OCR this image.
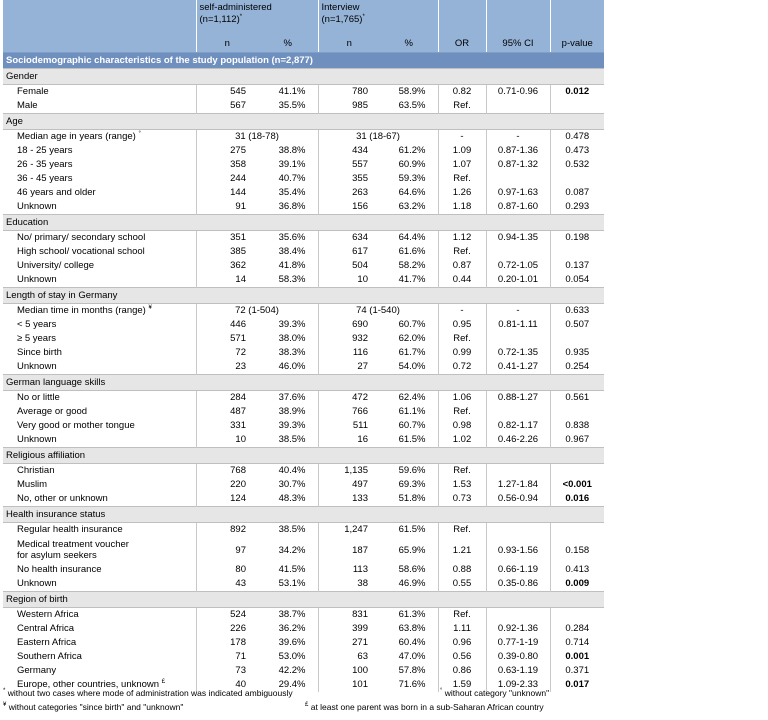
	self-administered
(n=1,112)*		Interview
(n=1,765)*			
	n	%	n	%	OR	95% CI	p-value
Sociodemographic characteristics of the study population (n=2,877)							
Gender							
Female	545	41.1%	780	58.9%	0.82	0.71-0.96	0.012
Male	567	35.5%	985	63.5%	Ref.		
Age							
Median age in years (range) °	31 (18-78)		31 (18-67)		-	-	0.478
18 - 25 years	275	38.8%	434	61.2%	1.09	0.87-1.36	0.473
26 - 35 years	358	39.1%	557	60.9%	1.07	0.87-1.32	0.532
36 - 45 years	244	40.7%	355	59.3%	Ref.		
46 years and older	144	35.4%	263	64.6%	1.26	0.97-1.63	0.087
Unknown	91	36.8%	156	63.2%	1.18	0.87-1.60	0.293
Education							
No/ primary/ secondary school	351	35.6%	634	64.4%	1.12	0.94-1.35	0.198
High school/ vocational school	385	38.4%	617	61.6%	Ref.		
University/ college	362	41.8%	504	58.2%	0.87	0.72-1.05	0.137
Unknown	14	58.3%	10	41.7%	0.44	0.20-1.01	0.054
Length of stay in Germany							
Median time in months (range) ¥	72 (1-504)		74 (1-540)		-	-	0.633
< 5 years	446	39.3%	690	60.7%	0.95	0.81-1.11	0.507
≥ 5 years	571	38.0%	932	62.0%	Ref.		
Since birth	72	38.3%	116	61.7%	0.99	0.72-1.35	0.935
Unknown	23	46.0%	27	54.0%	0.72	0.41-1.27	0.254
German language skills							
No or little	284	37.6%	472	62.4%	1.06	0.88-1.27	0.561
Average or good	487	38.9%	766	61.1%	Ref.		
Very good or mother tongue	331	39.3%	511	60.7%	0.98	0.82-1.17	0.838
Unknown	10	38.5%	16	61.5%	1.02	0.46-2.26	0.967
Religious affiliation							
Christian	768	40.4%	1,135	59.6%	Ref.		
Muslim	220	30.7%	497	69.3%	1.53	1.27-1.84	<0.001
No, other or unknown	124	48.3%	133	51.8%	0.73	0.56-0.94	0.016
Health insurance status							
Regular health insurance	892	38.5%	1,247	61.5%	Ref.		
Medical treatment voucher
for asylum seekers	97	34.2%	187	65.9%	1.21	0.93-1.56	0.158
No health insurance	80	41.5%	113	58.6%	0.88	0.66-1.19	0.413
Unknown	43	53.1%	38	46.9%	0.55	0.35-0.86	0.009
Region of birth							
Western Africa	524	38.7%	831	61.3%	Ref.		
Central Africa	226	36.2%	399	63.8%	1.11	0.92-1.36	0.284
Eastern Africa	178	39.6%	271	60.4%	0.96	0.77-1-19	0.714
Southern Africa	71	53.0%	63	47.0%	0.56	0.39-0.80	0.001
Germany	73	42.2%	100	57.8%	0.86	0.63-1.19	0.371
Europe, other countries, unknown £	40	29.4%	101	71.6%	1.59	1.09-2.33	0.017
* without two cases where mode of administration was indicated ambiguously	° without category "unknown"
¥ without categories "since birth" and "unknown"	£ at least one parent was born in a sub-Saharan African country
